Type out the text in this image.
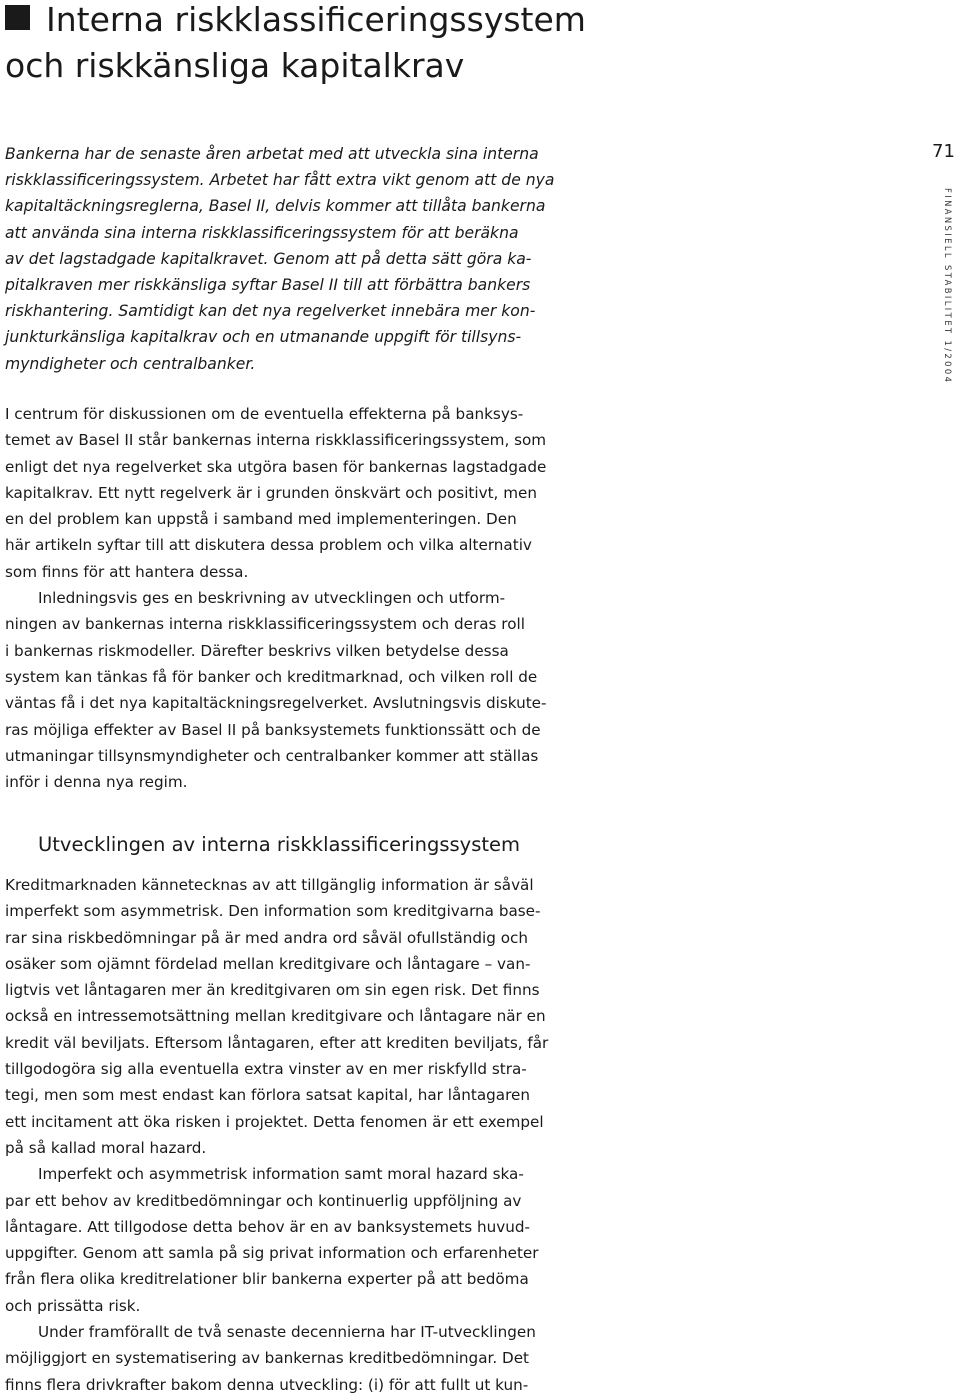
Interna riskklassificeringssystem
och riskkänsliga kapitalkrav
71
FINANSIELL STABILITET 1/2004

Bankerna har de senaste åren arbetat med att utveckla sina interna
riskklassificeringssystem. Arbetet har fått extra vikt genom att de nya
kapitaltäckningsreglerna, Basel II, delvis kommer att tillåta bankerna
att använda sina interna riskklassificeringssystem för att beräkna
av det lagstadgade kapitalkravet. Genom att på detta sätt göra ka-
pitalkraven mer riskkänsliga syftar Basel II till att förbättra bankers
riskhantering. Samtidigt kan det nya regelverket innebära mer kon-
junkturkänsliga kapitalkrav och en utmanande uppgift för tillsyns-
myndigheter och centralbanker.

I centrum för diskussionen om de eventuella effekterna på banksys-
temet av Basel II står bankernas interna riskklassificeringssystem, som
enligt det nya regelverket ska utgöra basen för bankernas lagstadgade
kapitalkrav. Ett nytt regelverk är i grunden önskvärt och positivt, men
en del problem kan uppstå i samband med implementeringen. Den
här artikeln syftar till att diskutera dessa problem och vilka alternativ
som finns för att hantera dessa.
Inledningsvis ges en beskrivning av utvecklingen och utform-
ningen av bankernas interna riskklassificeringssystem och deras roll
i bankernas riskmodeller. Därefter beskrivs vilken betydelse dessa
system kan tänkas få för banker och kreditmarknad, och vilken roll de
väntas få i det nya kapitaltäckningsregelverket. Avslutningsvis diskute-
ras möjliga effekter av Basel II på banksystemets funktionssätt och de
utmaningar tillsynsmyndigheter och centralbanker kommer att ställas
inför i denna nya regim.
Utvecklingen av interna riskklassificeringssystem
Kreditmarknaden kännetecknas av att tillgänglig information är såväl
imperfekt som asymmetrisk. Den information som kreditgivarna base-
rar sina riskbedömningar på är med andra ord såväl ofullständig och
osäker som ojämnt fördelad mellan kreditgivare och låntagare – van-
ligtvis vet låntagaren mer än kreditgivaren om sin egen risk. Det finns
också en intressemotsättning mellan kreditgivare och låntagare när en
kredit väl beviljats. Eftersom låntagaren, efter att krediten beviljats, får
tillgodogöra sig alla eventuella extra vinster av en mer riskfylld stra-
tegi, men som mest endast kan förlora satsat kapital, har låntagaren
ett incitament att öka risken i projektet. Detta fenomen är ett exempel
på så kallad moral hazard.
Imperfekt och asymmetrisk information samt moral hazard ska-
par ett behov av kreditbedömningar och kontinuerlig uppföljning av
låntagare. Att tillgodose detta behov är en av banksystemets huvud-
uppgifter. Genom att samla på sig privat information och erfarenheter
från flera olika kreditrelationer blir bankerna experter på att bedöma
och prissätta risk.
Under framförallt de två senaste decennierna har IT-utvecklingen
möjliggjort en systematisering av bankernas kreditbedömningar. Det
finns flera drivkrafter bakom denna utveckling: (i) för att fullt ut kun-
